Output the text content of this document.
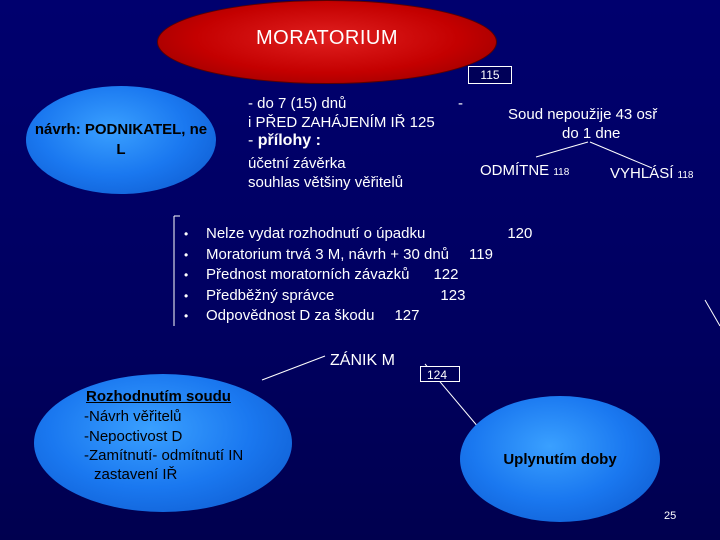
MORATORIUM
115
návrh: PODNIKATEL, ne L
- do 7 (15) dnů	-
i PŘED ZAHÁJENÍM IŘ 125
- přílohy :
účetní závěrka
souhlas většiny věřitelů
Soud nepoužije 43 osř
do 1 dne
ODMÍTNE 118	VYHLÁSÍ 118
• Nelze vydat rozhodnutí o úpadku	120
• Moratorium trvá 3 M, návrh + 30 dnů 119
• Přednost moratorních závazků 122
• Předběžný správce	123
• Odpovědnost D za škodu 127
ZÁNIK M
124
Rozhodnutím soudu
-Návrh věřitelů
-Nepoctivost D
-Zamítnutí- odmítnutí IN
zastavení IŘ
Uplynutím doby
25
